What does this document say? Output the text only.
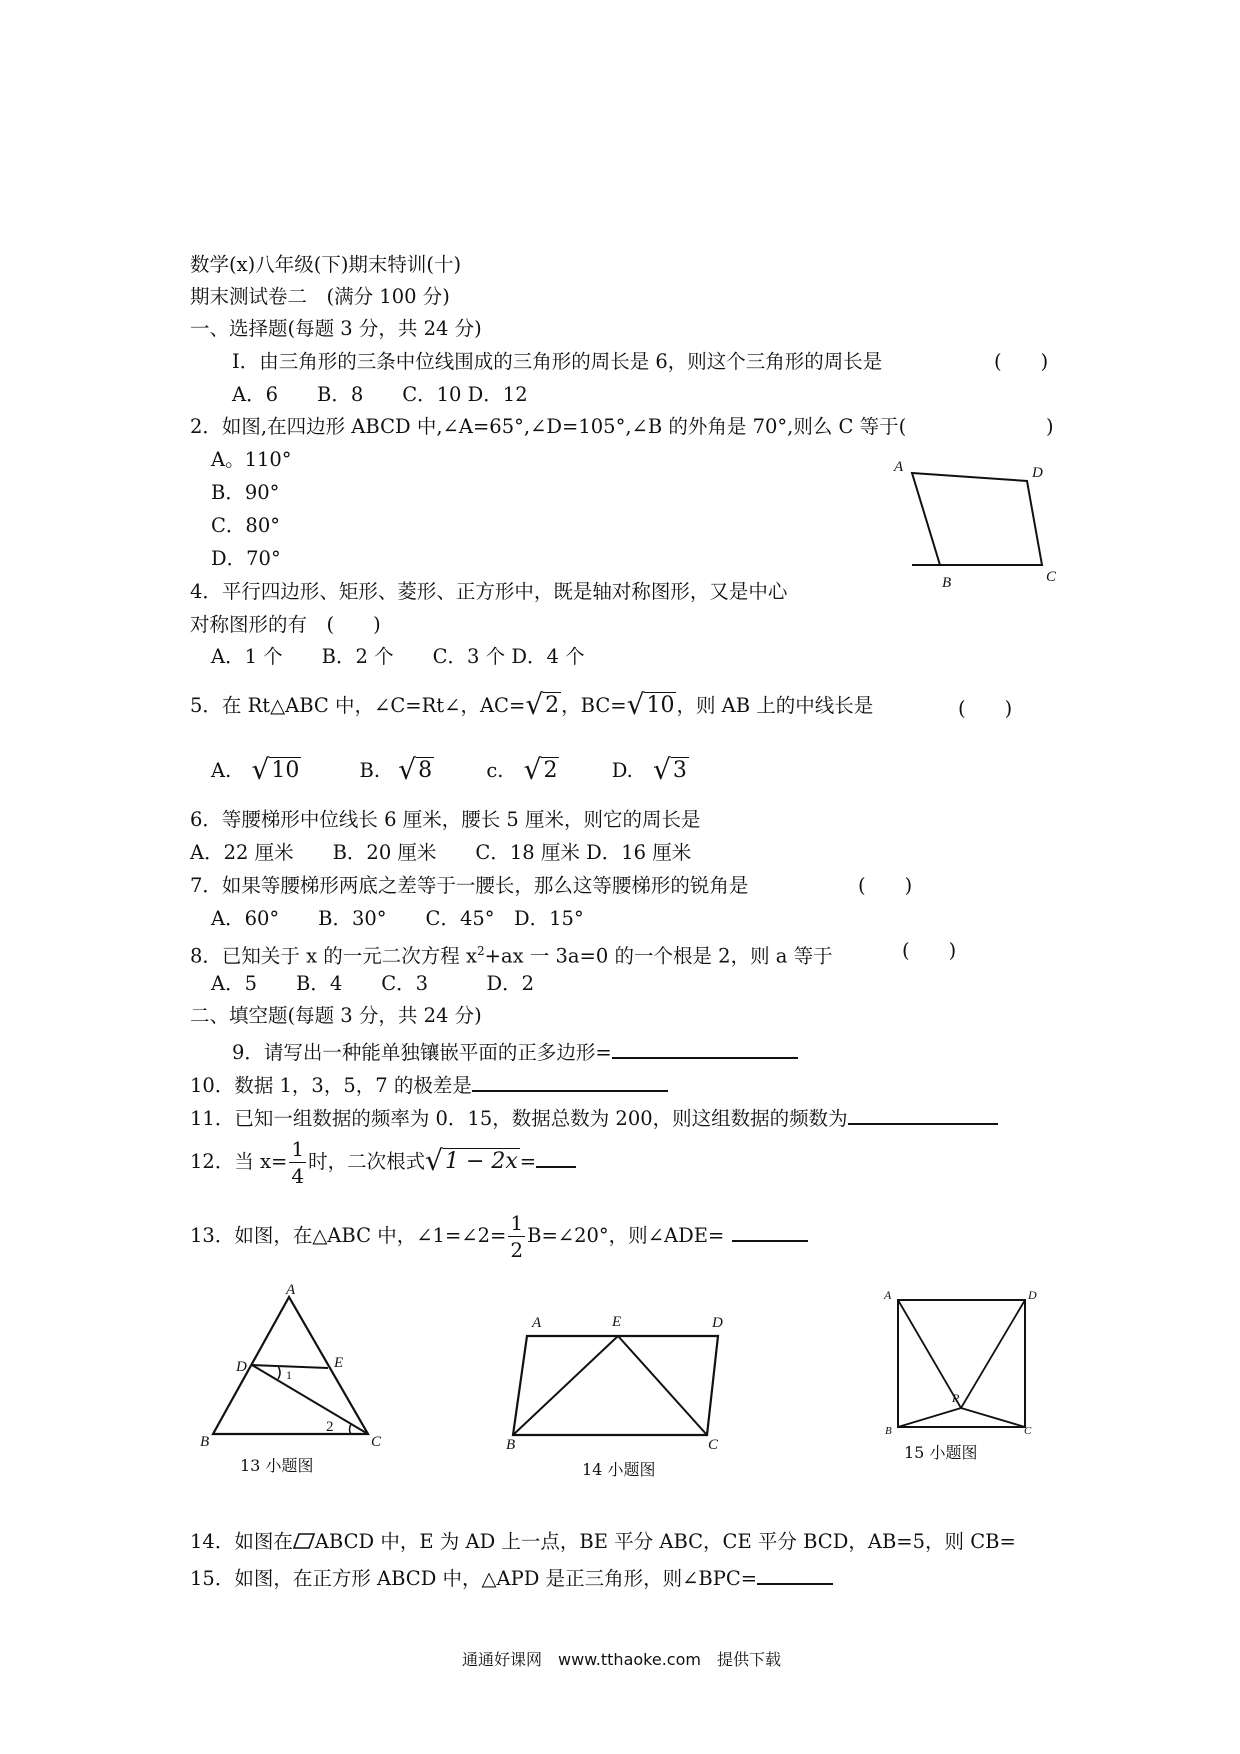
数学(x)八年级(下)期末特训(十)
期末测试卷二　(满分 100 分)
一、选择题(每题 3 分，共 24 分)
I．由三角形的三条中位线围成的三角形的周长是 6，则这个三角形的周长是	(　　)
A．6　　B．8　　C．10 D．12
2．如图,在四边形 ABCD 中,∠A=65°,∠D=105°,∠B 的外角是 70°,则么 C 等于(	)
A。110°
B．90°
C．80°
D．70°
A	D
B	C
4．平行四边形、矩形、菱形、正方形中，既是轴对称图形，又是中心
对称图形的有　(　　)
A．1 个　　B．2 个　　C．3 个 D．4 个
5．在 Rt△ABC 中，∠C=Rt∠，AC=√2 ，BC=√10 ，则 AB 上的中线长是	(　　)
A. √10	B. √8	c. √2	D. √3
6．等腰梯形中位线长 6 厘米，腰长 5 厘米，则它的周长是
A．22 厘米　　B．20 厘米　　C．18 厘米 D．16 厘米
7．如果等腰梯形两底之差等于一腰长，那么这等腰梯形的锐角是	(　　)
A．60°　　B．30°　　C．45°　D．15°
8．已知关于 x 的一元二次方程 $x^2+ax$ 一 3a=0 的一个根是 2，则 a 等于	(　　)
A．5　　B．4　　C．3　　　D．2
二、填空题(每题 3 分，共 24 分)
9．请写出一种能单独镶嵌平面的正多边形=
10．数据 1，3，5，7 的极差是
11．已知一组数据的频率为 0．15，数据总数为 200，则这组数据的频数为
12．当 $x= \frac{1}{4}$ 时，二次根式√1 − 2x =
13．如图，在△ABC 中，∠1=∠2= $\frac{1}{2}$ B=∠20°，则∠ADE=
A
D	E
B	C
1
2
13 小题图
A	E	D
B	C
14 小题图
A	D
P
B	C
15 小题图
14．如图在 ABCD 中，E 为 AD 上一点，BE 平分 ABC，CE 平分 BCD，AB=5，则 CB=
15．如图，在正方形 ABCD 中，△APD 是正三角形，则∠BPC=
通通好课网　www.tthaoke.com　提供下载
